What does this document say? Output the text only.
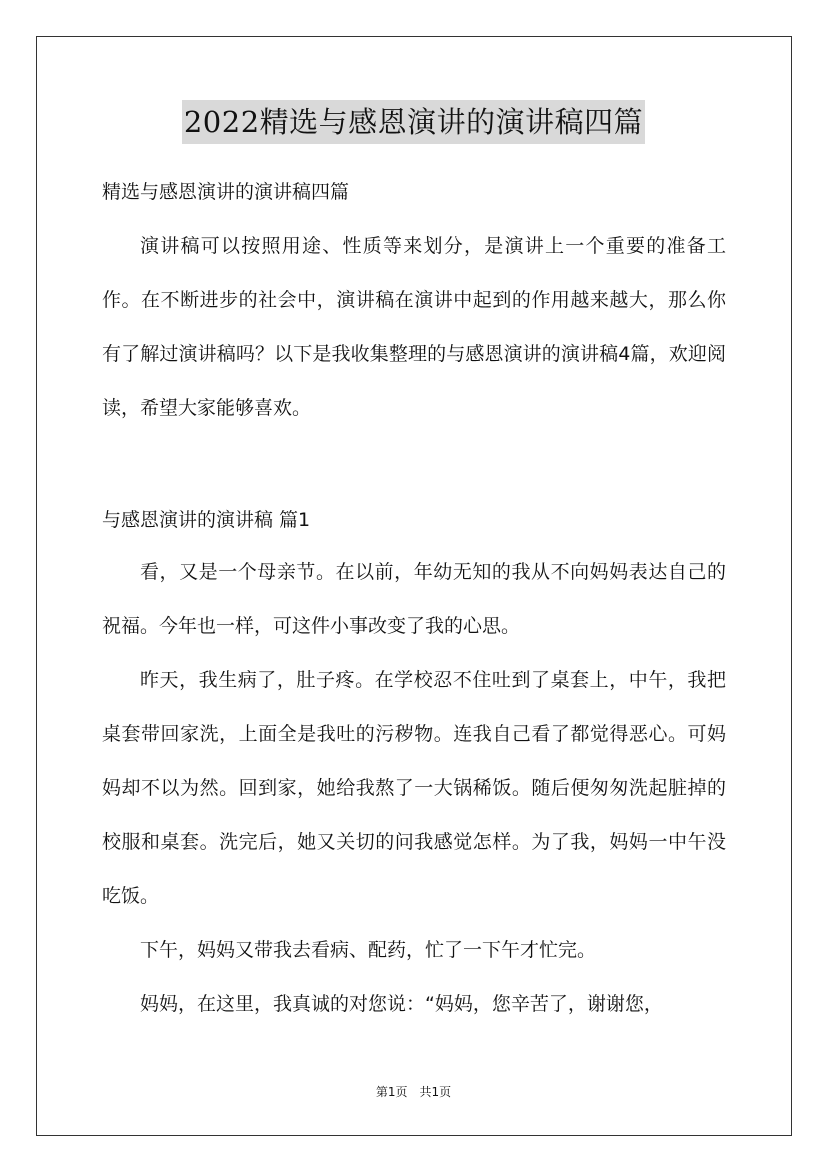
2022精选与感恩演讲的演讲稿四篇
精选与感恩演讲的演讲稿四篇
演讲稿可以按照用途、性质等来划分，是演讲上一个重要的准备工作。在不断进步的社会中，演讲稿在演讲中起到的作用越来越大，那么你有了解过演讲稿吗？以下是我收集整理的与感恩演讲的演讲稿4篇，欢迎阅读，希望大家能够喜欢。
与感恩演讲的演讲稿 篇1
看，又是一个母亲节。在以前，年幼无知的我从不向妈妈表达自己的祝福。今年也一样，可这件小事改变了我的心思。
昨天，我生病了，肚子疼。在学校忍不住吐到了桌套上，中午，我把桌套带回家洗，上面全是我吐的污秽物。连我自己看了都觉得恶心。可妈妈却不以为然。回到家，她给我熬了一大锅稀饭。随后便匆匆洗起脏掉的校服和桌套。洗完后，她又关切的问我感觉怎样。为了我，妈妈一中午没吃饭。
下午，妈妈又带我去看病、配药，忙了一下午才忙完。
妈妈，在这里，我真诚的对您说：“妈妈，您辛苦了，谢谢您，
第1页 共1页
